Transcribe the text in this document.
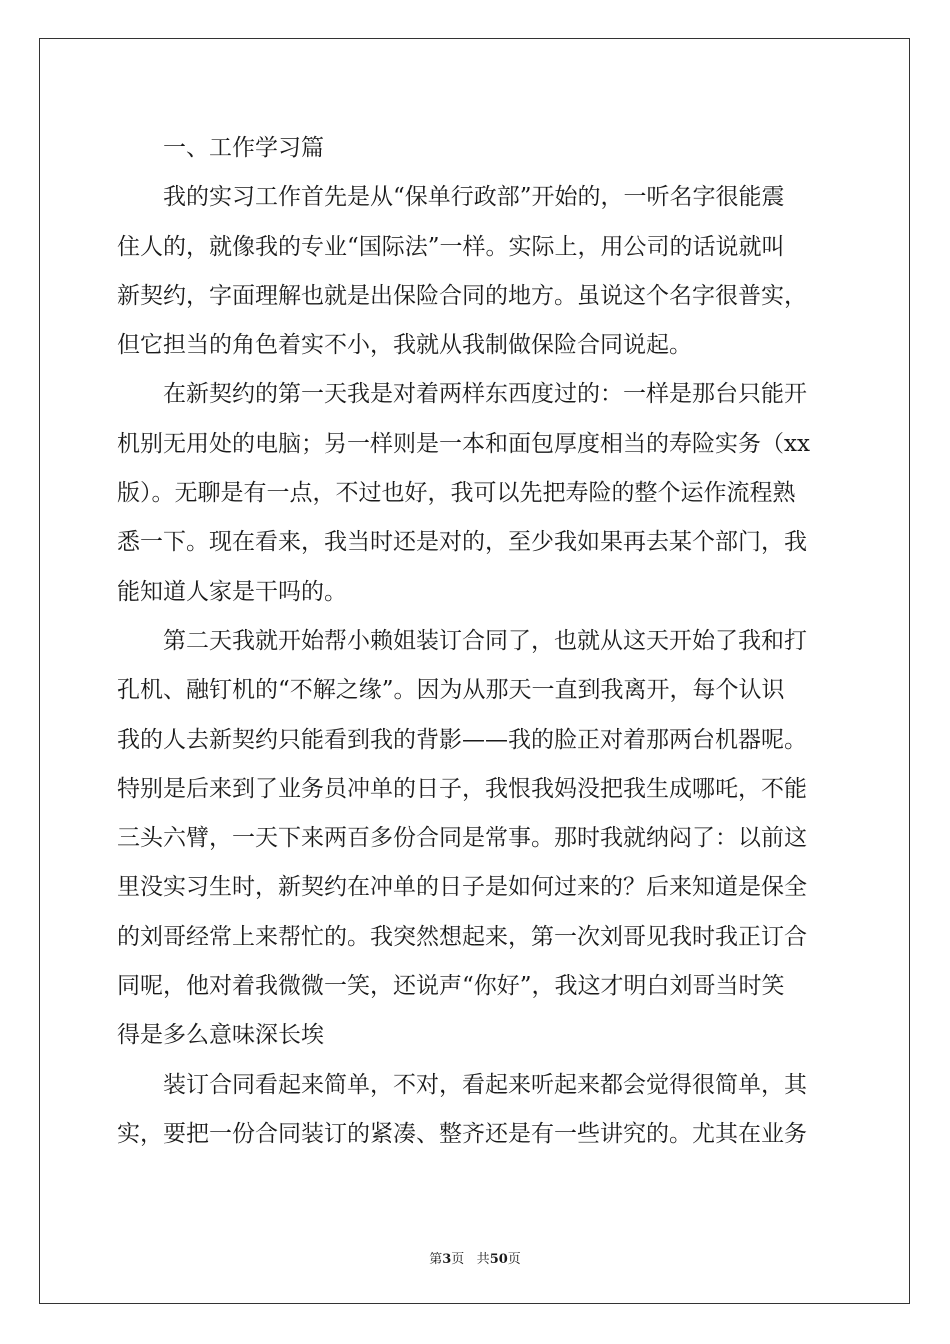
　　一、工作学习篇
　　我的实习工作首先是从“保单行政部”开始的，一听名字很能震
住人的，就像我的专业“国际法”一样。实际上，用公司的话说就叫
新契约，字面理解也就是出保险合同的地方。虽说这个名字很普实，
但它担当的角色着实不小，我就从我制做保险合同说起。
　　在新契约的第一天我是对着两样东西度过的：一样是那台只能开
机别无用处的电脑；另一样则是一本和面包厚度相当的寿险实务（xx
版）。无聊是有一点，不过也好，我可以先把寿险的整个运作流程熟
悉一下。现在看来，我当时还是对的，至少我如果再去某个部门，我
能知道人家是干吗的。
　　第二天我就开始帮小赖姐装订合同了，也就从这天开始了我和打
孔机、融钉机的“不解之缘”。因为从那天一直到我离开，每个认识
我的人去新契约只能看到我的背影——我的脸正对着那两台机器呢。
特别是后来到了业务员冲单的日子，我恨我妈没把我生成哪吒，不能
三头六臂，一天下来两百多份合同是常事。那时我就纳闷了：以前这
里没实习生时，新契约在冲单的日子是如何过来的？后来知道是保全
的刘哥经常上来帮忙的。我突然想起来，第一次刘哥见我时我正订合
同呢，他对着我微微一笑，还说声“你好”，我这才明白刘哥当时笑
得是多么意味深长埃
　　装订合同看起来简单，不对，看起来听起来都会觉得很简单，其
实，要把一份合同装订的紧凑、整齐还是有一些讲究的。尤其在业务
第3页 共50页
